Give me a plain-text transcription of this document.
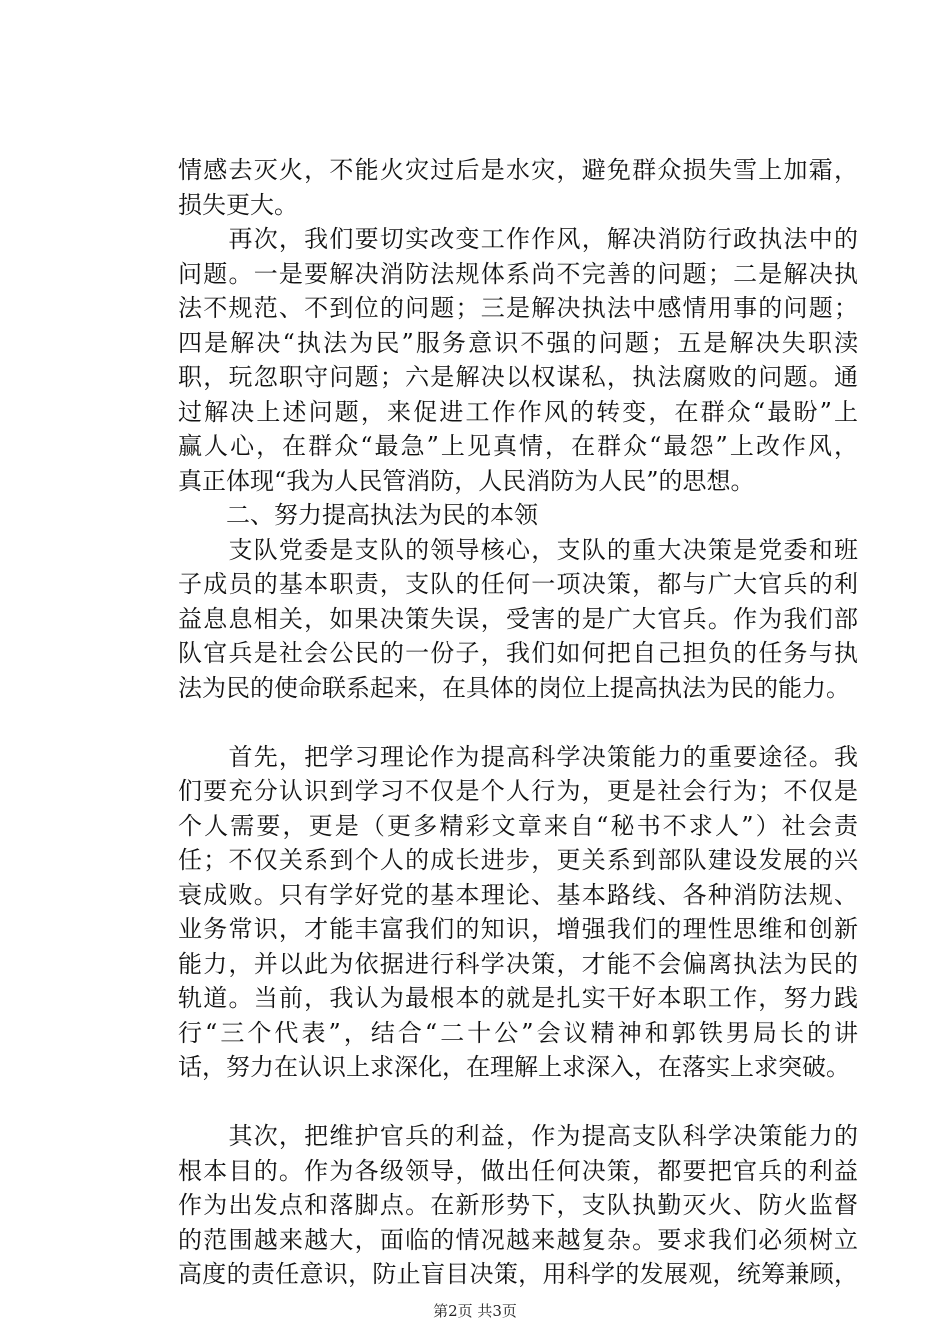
情感去灭火，不能火灾过后是水灾，避免群众损失雪上加霜，
损失更大。
　　再次，我们要切实改变工作作风，解决消防行政执法中的
问题。一是要解决消防法规体系尚不完善的问题；二是解决执
法不规范、不到位的问题；三是解决执法中感情用事的问题；
四是解决“执法为民”服务意识不强的问题；五是解决失职渎
职，玩忽职守问题；六是解决以权谋私，执法腐败的问题。通
过解决上述问题，来促进工作作风的转变，在群众“最盼”上
赢人心，在群众“最急”上见真情，在群众“最怨”上改作风，
真正体现“我为人民管消防，人民消防为人民”的思想。
　　二、努力提高执法为民的本领
　　支队党委是支队的领导核心，支队的重大决策是党委和班
子成员的基本职责，支队的任何一项决策，都与广大官兵的利
益息息相关，如果决策失误，受害的是广大官兵。作为我们部
队官兵是社会公民的一份子，我们如何把自己担负的任务与执
法为民的使命联系起来，在具体的岗位上提高执法为民的能力。
　　首先，把学习理论作为提高科学决策能力的重要途径。我
们要充分认识到学习不仅是个人行为，更是社会行为；不仅是
个人需要，更是（更多精彩文章来自“秘书不求人”）社会责
任；不仅关系到个人的成长进步，更关系到部队建设发展的兴
衰成败。只有学好党的基本理论、基本路线、各种消防法规、
业务常识，才能丰富我们的知识，增强我们的理性思维和创新
能力，并以此为依据进行科学决策，才能不会偏离执法为民的
轨道。当前，我认为最根本的就是扎实干好本职工作，努力践
行“三个代表”，结合“二十公”会议精神和郭铁男局长的讲
话，努力在认识上求深化，在理解上求深入，在落实上求突破。
　　其次，把维护官兵的利益，作为提高支队科学决策能力的
根本目的。作为各级领导，做出任何决策，都要把官兵的利益
作为出发点和落脚点。在新形势下，支队执勤灭火、防火监督
的范围越来越大，面临的情况越来越复杂。要求我们必须树立
高度的责任意识，防止盲目决策，用科学的发展观，统筹兼顾，
第2页 共3页
